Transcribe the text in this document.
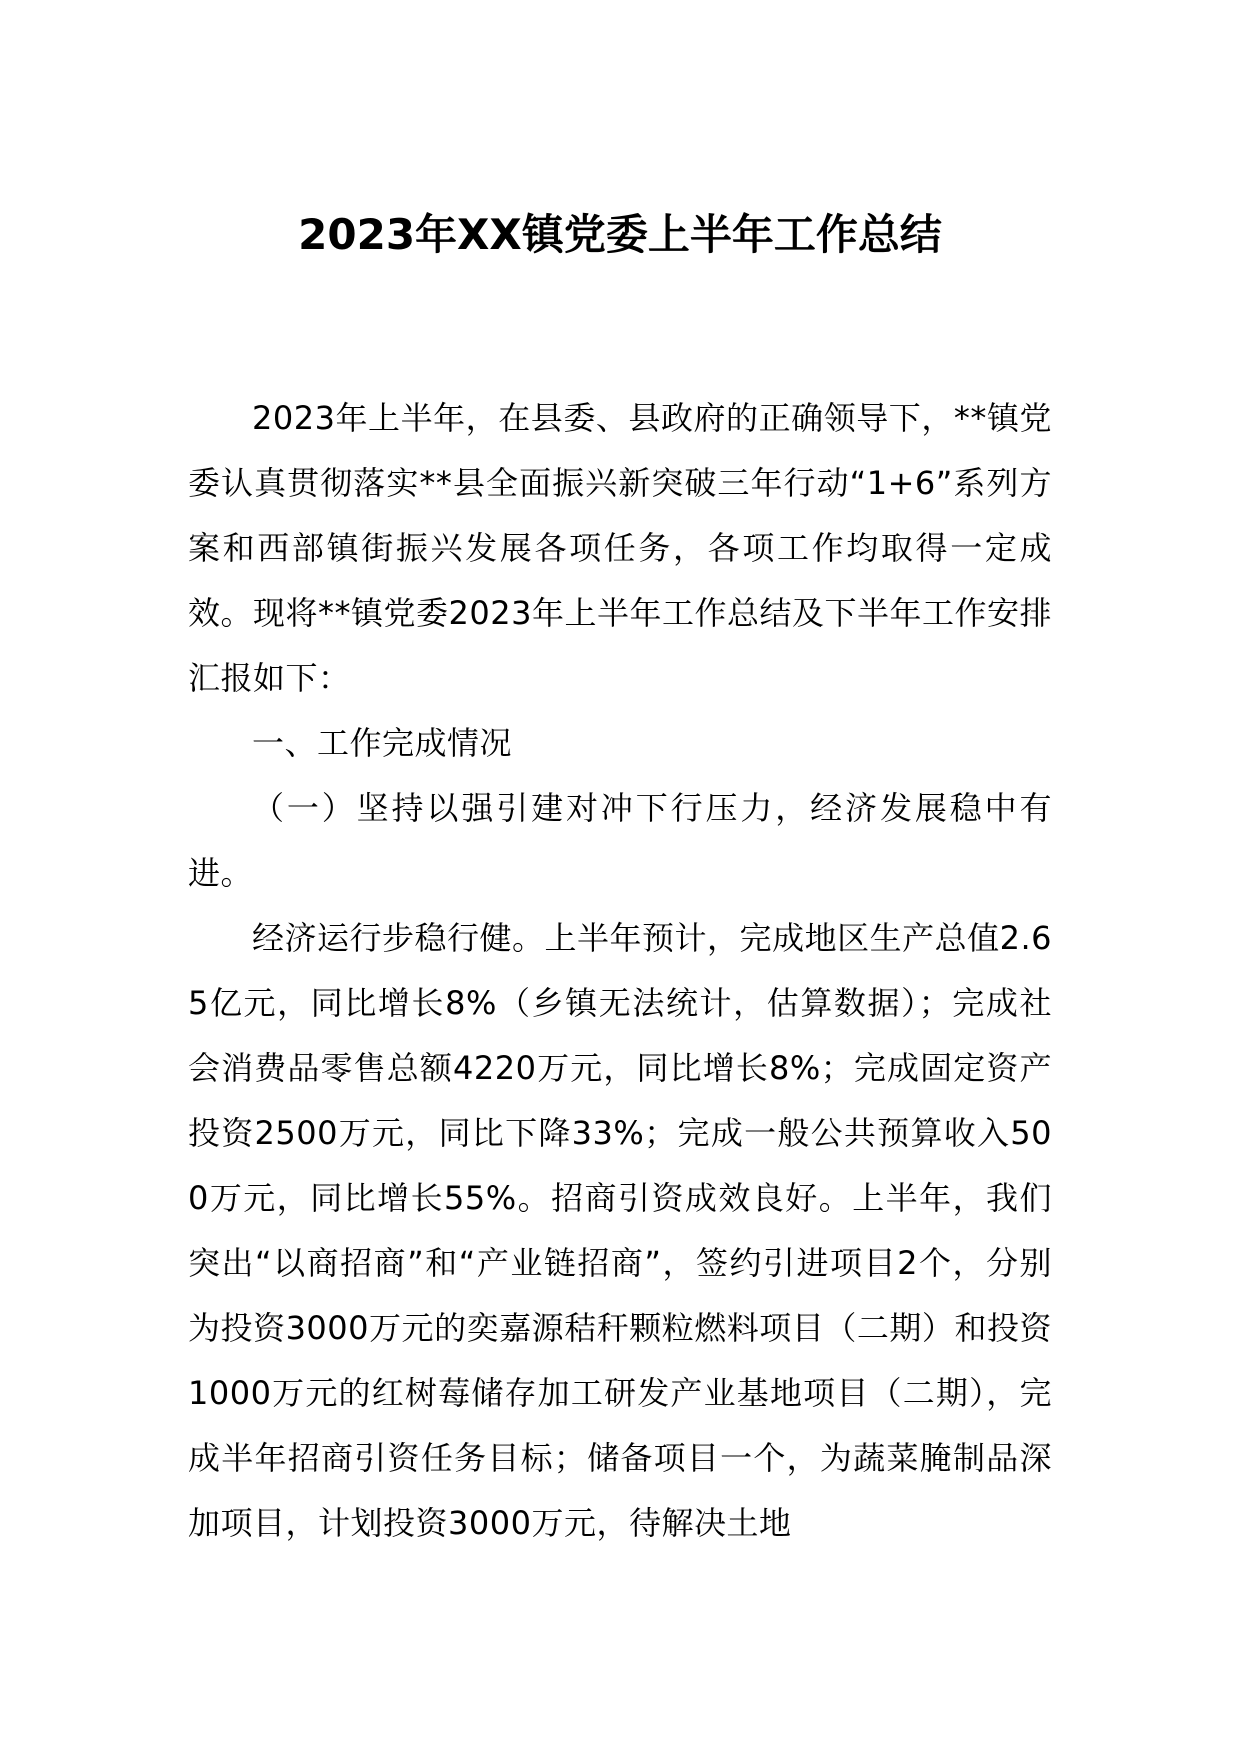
2023年XX镇党委上半年工作总结

2023年上半年，在县委、县政府的正确领导下，**镇党委认真贯彻落实**县全面振兴新突破三年行动“1+6”系列方案和西部镇街振兴发展各项任务，各项工作均取得一定成效。现将**镇党委2023年上半年工作总结及下半年工作安排汇报如下：

一、工作完成情况

（一）坚持以强引建对冲下行压力，经济发展稳中有进。

经济运行步稳行健。上半年预计，完成地区生产总值2.65亿元，同比增长8%（乡镇无法统计，估算数据）；完成社会消费品零售总额4220万元，同比增长8%；完成固定资产投资2500万元，同比下降33%；完成一般公共预算收入500万元，同比增长55%。招商引资成效良好。上半年，我们突出“以商招商”和“产业链招商”，签约引进项目2个，分别为投资3000万元的奕嘉源秸秆颗粒燃料项目（二期）和投资1000万元的红树莓储存加工研发产业基地项目（二期），完成半年招商引资任务目标；储备项目一个，为蔬菜腌制品深加项目，计划投资3000万元，待解决土地
